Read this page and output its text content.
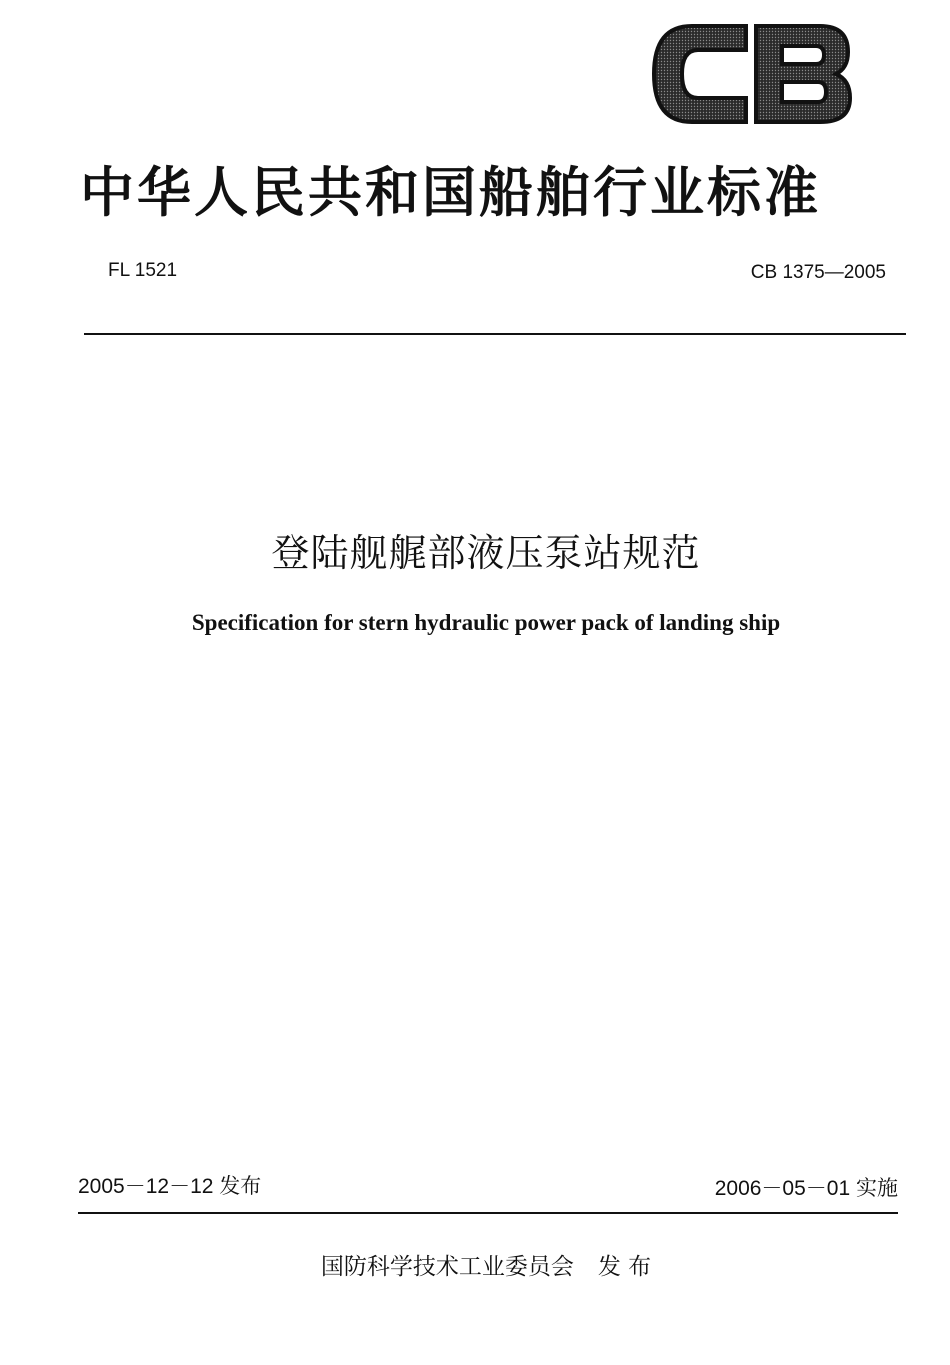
中华人民共和国船舶行业标准
FL 1521	CB 1375—2005
登陆舰艉部液压泵站规范
Specification for stern hydraulic power pack of landing ship
2005－12－12 发布	2006－05－01 实施
国防科学技术工业委员会 发 布
